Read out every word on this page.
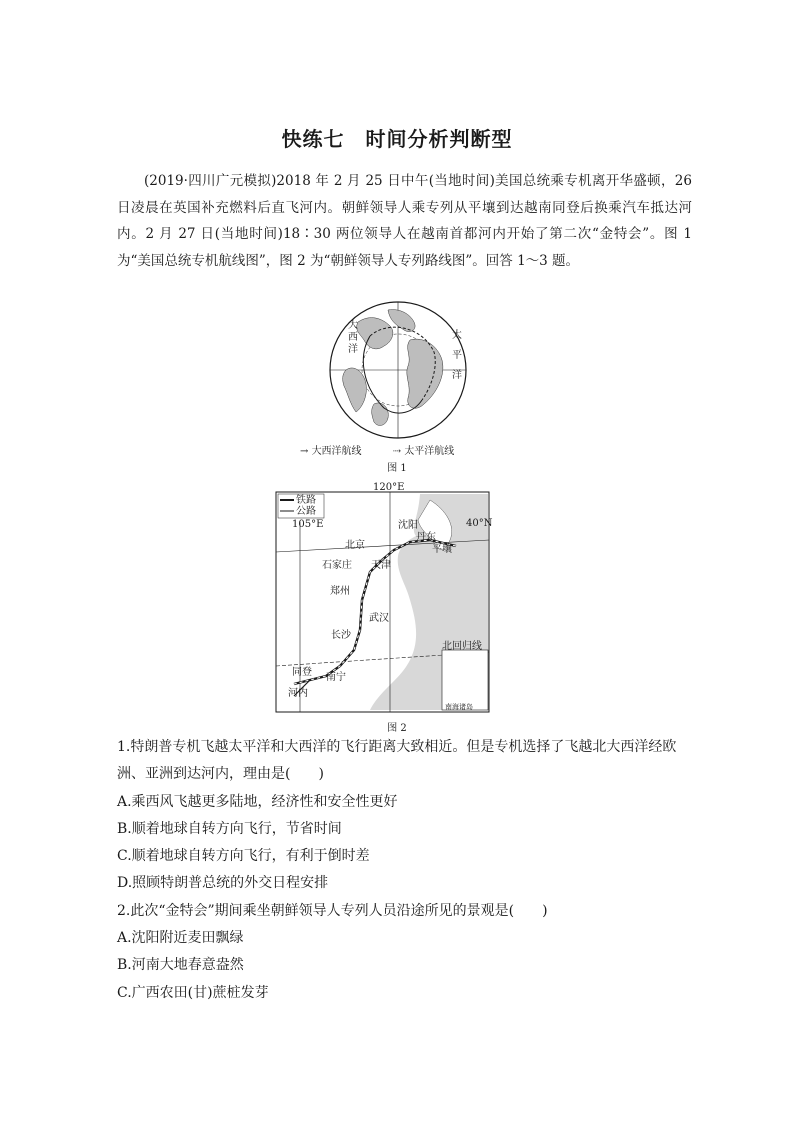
快练七　时间分析判断型

(2019·四川广元模拟)2018 年 2 月 25 日中午(当地时间)美国总统乘专机离开华盛顿，26 日凌晨在英国补充燃料后直飞河内。朝鲜领导人乘专列从平壤到达越南同登后换乘汽车抵达河内。2 月 27 日(当地时间)18∶30 两位领导人在越南首都河内开始了第二次“金特会”。图 1 为“美国总统专机航线图”，图 2 为“朝鲜领导人专列路线图”。回答 1～3 题。

大
西
洋
太
平
洋
→ 大西洋航线	⇢ 太平洋航线
图 1
铁路
公路
南海诸岛
120°E
105°E	40°N
北京
沈阳
丹东
平壤
石家庄 天津
郑州
武汉
长沙
南宁
同登
河内
北回归线
图 2
1.特朗普专机飞越太平洋和大西洋的飞行距离大致相近。但是专机选择了飞越北大西洋经欧
洲、亚洲到达河内，理由是(　　)
A.乘西风飞越更多陆地，经济性和安全性更好
B.顺着地球自转方向飞行，节省时间
C.顺着地球自转方向飞行，有利于倒时差
D.照顾特朗普总统的外交日程安排
2.此次“金特会”期间乘坐朝鲜领导人专列人员沿途所见的景观是(　　)
A.沈阳附近麦田飘绿
B.河南大地春意盎然
C.广西农田(甘)蔗桩发芽
